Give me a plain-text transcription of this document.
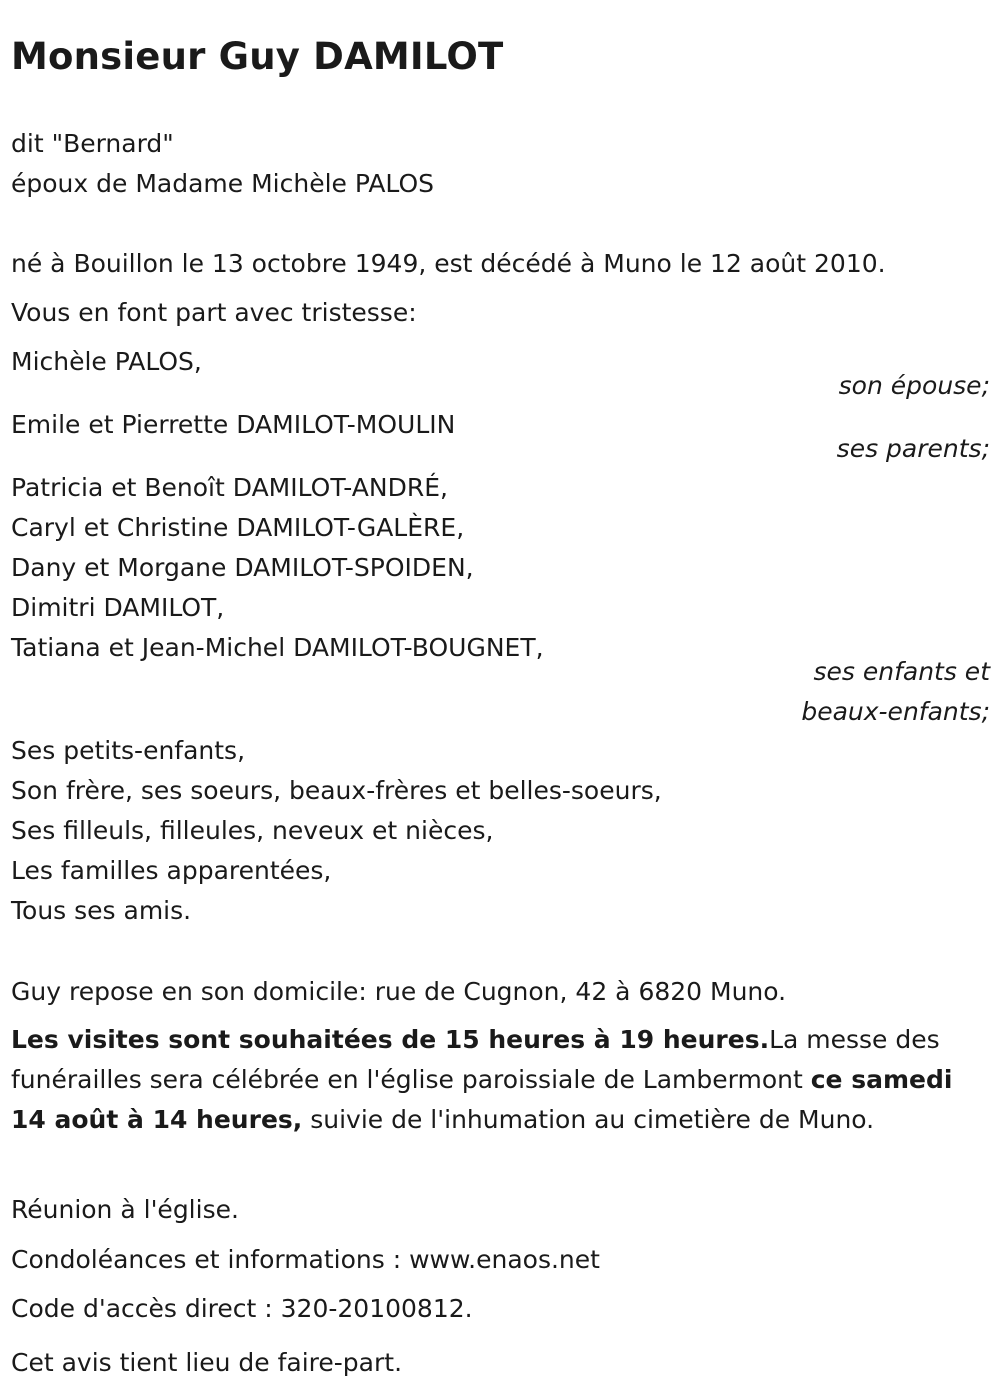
Monsieur Guy DAMILOT
dit "Bernard"
époux de Madame Michèle PALOS
né à Bouillon le 13 octobre 1949, est décédé à Muno le 12 août 2010.
Vous en font part avec tristesse:
Michèle PALOS,
son épouse;
Emile et Pierrette DAMILOT-MOULIN
ses parents;
Patricia et Benoît DAMILOT-ANDRÉ,
Caryl et Christine DAMILOT-GALÈRE,
Dany et Morgane DAMILOT-SPOIDEN,
Dimitri DAMILOT,
Tatiana et Jean-Michel DAMILOT-BOUGNET,
ses enfants et
beaux-enfants;
Ses petits-enfants,
Son frère, ses soeurs, beaux-frères et belles-soeurs,
Ses filleuls, filleules, neveux et nièces,
Les familles apparentées,
Tous ses amis.
Guy repose en son domicile: rue de Cugnon, 42 à 6820 Muno.
Les visites sont souhaitées de 15 heures à 19 heures.La messe des funérailles sera célébrée en l'église paroissiale de Lambermont ce samedi 14 août à 14 heures, suivie de l'inhumation au cimetière de Muno.
Réunion à l'église.
Condoléances et informations : www.enaos.net
Code d'accès direct : 320-20100812.
Cet avis tient lieu de faire-part.
